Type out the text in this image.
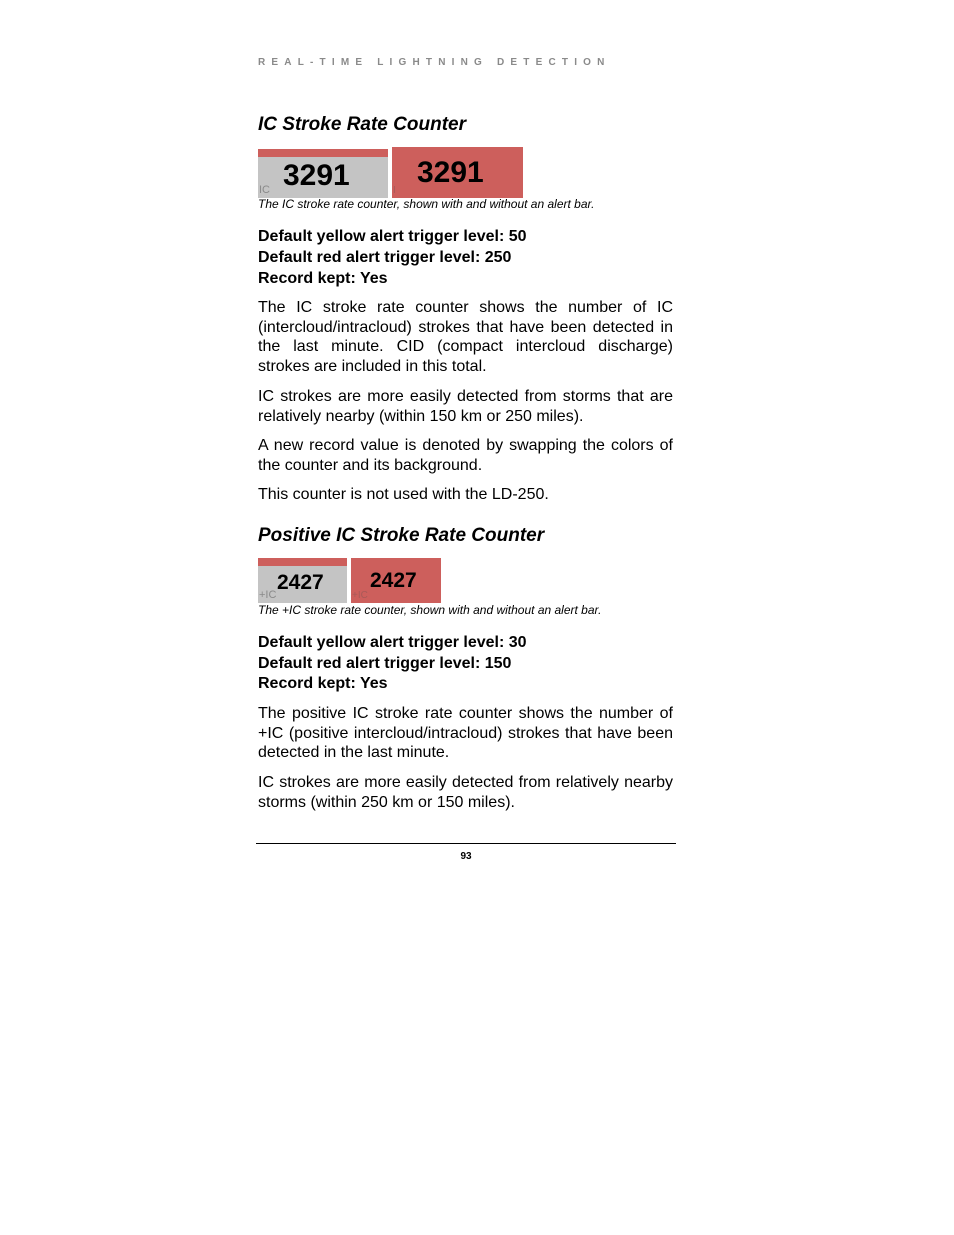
REAL-TIME LIGHTNING DETECTION
IC Stroke Rate Counter
3291
IC
3291
I
The IC stroke rate counter, shown with and without an alert bar.
Default yellow alert trigger level: 50
Default red alert trigger level: 250
Record kept: Yes

The IC stroke rate counter shows the number of IC (intercloud/intracloud) strokes that have been detected in the last minute. CID (compact intercloud discharge) strokes are included in this total.

IC strokes are more easily detected from storms that are relatively nearby (within 150 km or 250 miles).

A new record value is denoted by swapping the colors of the counter and its background.

This counter is not used with the LD-250.

Positive IC Stroke Rate Counter
2427
+IC
2427
+IC
The +IC stroke rate counter, shown with and without an alert bar.
Default yellow alert trigger level: 30
Default red alert trigger level: 150
Record kept: Yes

The positive IC stroke rate counter shows the number of +IC (positive intercloud/intracloud) strokes that have been detected in the last minute.

IC strokes are more easily detected from relatively nearby storms (within 250 km or 150 miles).

93
